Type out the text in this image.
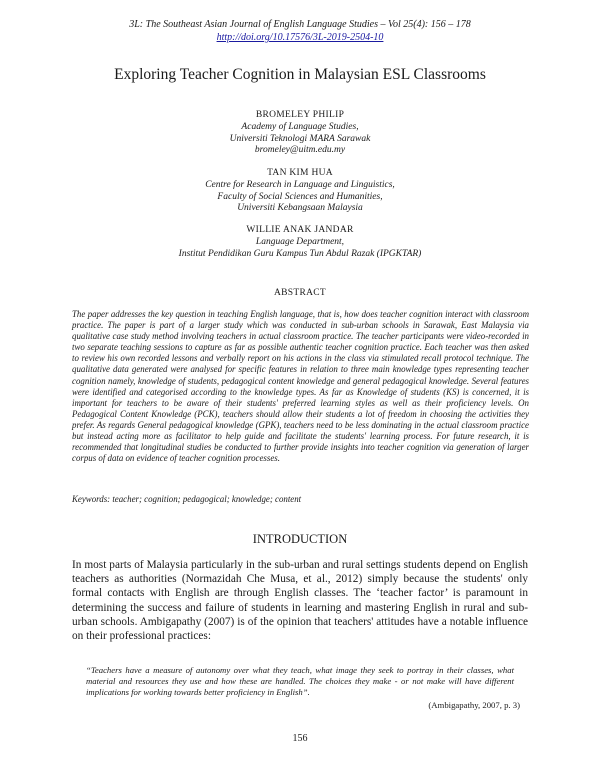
3L: The Southeast Asian Journal of English Language Studies – Vol 25(4): 156 – 178
http://doi.org/10.17576/3L-2019-2504-10
Exploring Teacher Cognition in Malaysian ESL Classrooms
BROMELEY PHILIP
Academy of Language Studies,
Universiti Teknologi MARA Sarawak
bromeley@uitm.edu.my
TAN KIM HUA
Centre for Research in Language and Linguistics,
Faculty of Social Sciences and Humanities,
Universiti Kebangsaan Malaysia
WILLIE ANAK JANDAR
Language Department,
Institut Pendidikan Guru Kampus Tun Abdul Razak (IPGKTAR)
ABSTRACT
The paper addresses the key question in teaching English language, that is, how does teacher cognition interact with classroom practice. The paper is part of a larger study which was conducted in sub-urban schools in Sarawak, East Malaysia via qualitative case study method involving teachers in actual classroom practice. The teacher participants were video-recorded in two separate teaching sessions to capture as far as possible authentic teacher cognition practice. Each teacher was then asked to review his own recorded lessons and verbally report on his actions in the class via stimulated recall protocol technique. The qualitative data generated were analysed for specific features in relation to three main knowledge types representing teacher cognition namely, knowledge of students, pedagogical content knowledge and general pedagogical knowledge. Several features were identified and categorised according to the knowledge types. As far as Knowledge of students (KS) is concerned, it is important for teachers to be aware of their students' preferred learning styles as well as their proficiency levels. On Pedagogical Content Knowledge (PCK), teachers should allow their students a lot of freedom in choosing the activities they prefer. As regards General pedagogical knowledge (GPK), teachers need to be less dominating in the actual classroom practice but instead acting more as facilitator to help guide and facilitate the students' learning process. For future research, it is recommended that longitudinal studies be conducted to further provide insights into teacher cognition via generation of larger corpus of data on evidence of teacher cognition processes.
Keywords: teacher; cognition; pedagogical; knowledge; content
INTRODUCTION
In most parts of Malaysia particularly in the sub-urban and rural settings students depend on English teachers as authorities (Normazidah Che Musa, et al., 2012) simply because the students' only formal contacts with English are through English classes. The ‘teacher factor’ is paramount in determining the success and failure of students in learning and mastering English in rural and sub-urban schools. Ambigapathy (2007) is of the opinion that teachers' attitudes have a notable influence on their professional practices:
“Teachers have a measure of autonomy over what they teach, what image they seek to portray in their classes, what material and resources they use and how these are handled. The choices they make - or not make will have different implications for working towards better proficiency in English”.
(Ambigapathy, 2007, p. 3)
156
